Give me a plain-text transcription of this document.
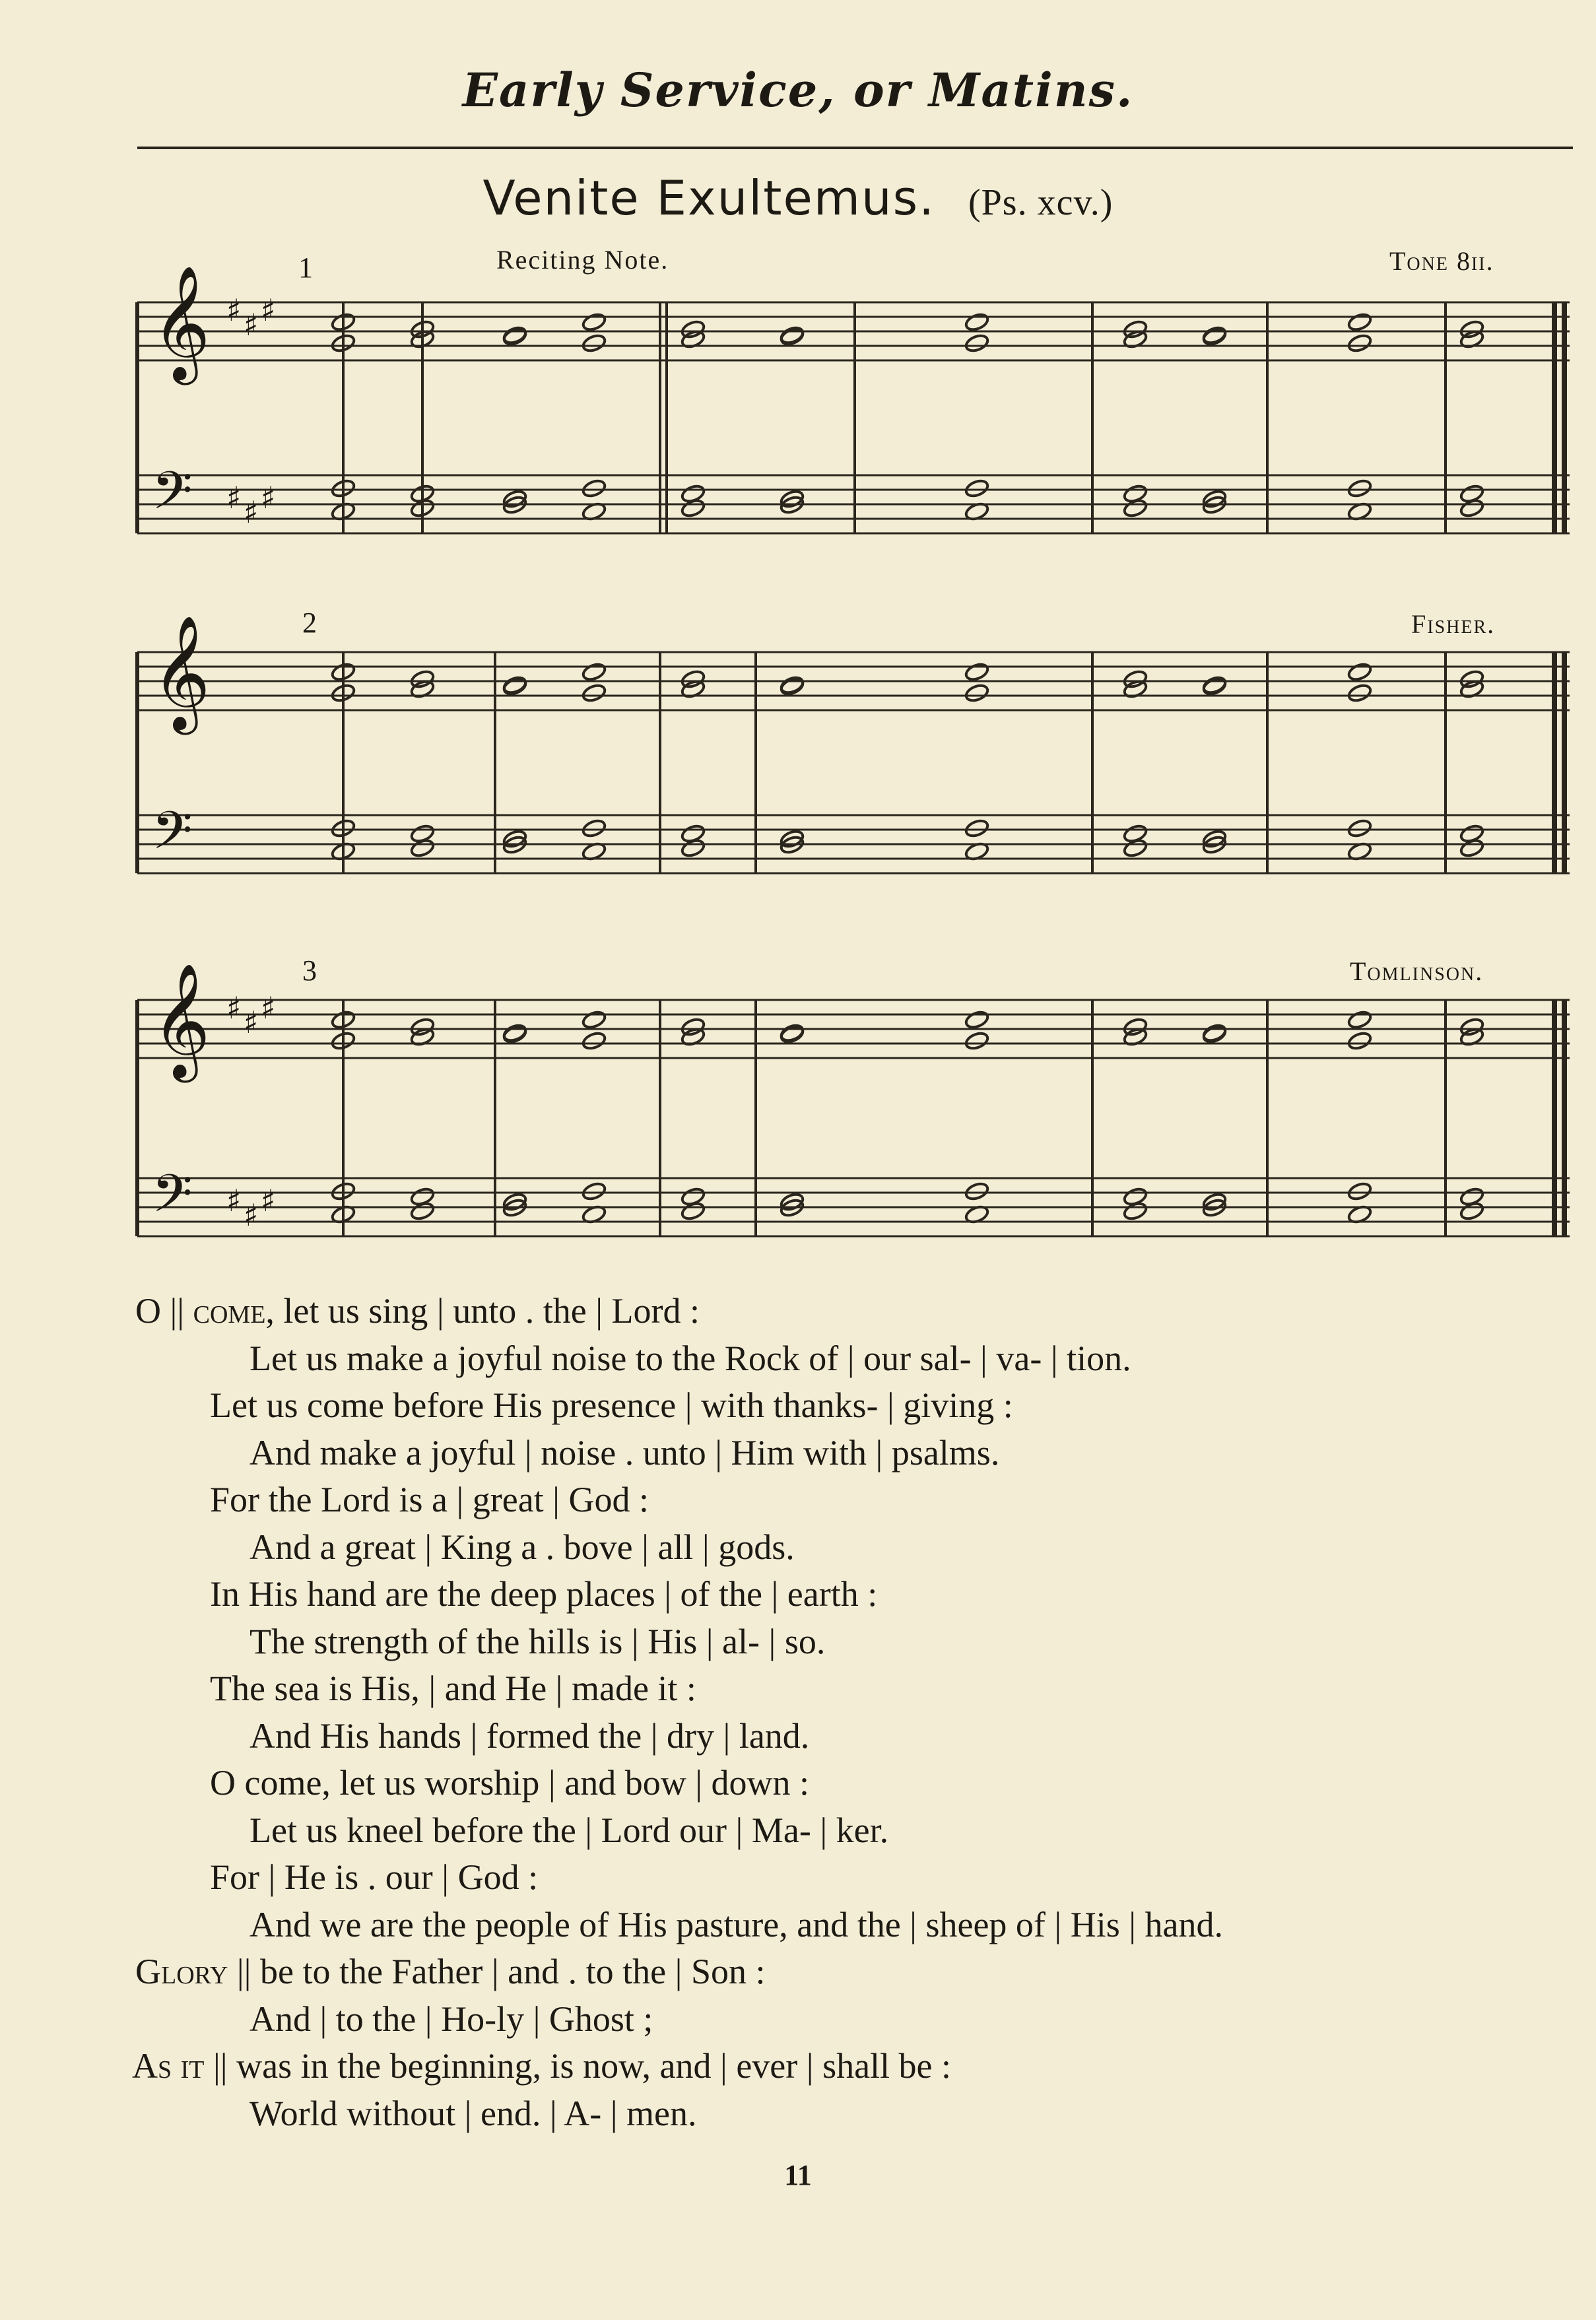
Early Service, or Matins.
Venite Exultemus. (Ps. xcv.)
1	Reciting Note.	Tone 8ii.
2	Fisher.
3	Tomlinson.
𝄞 ♯ ♯ ♯
𝄢 ♯ ♯ ♯
𝄞
𝄢
𝄞 ♯ ♯ ♯
𝄢 ♯ ♯ ♯
O || come, let us sing | unto . the | Lord :
Let us make a joyful noise to the Rock of | our sal- | va- | tion.
Let us come before His presence | with thanks- | giving :
And make a joyful | noise . unto | Him with | psalms.
For the Lord is a | great | God :
And a great | King a . bove | all | gods.
In His hand are the deep places | of the | earth :
The strength of the hills is | His | al- | so.
The sea is His, | and He | made it :
And His hands | formed the | dry | land.
O come, let us worship | and bow | down :
Let us kneel before the | Lord our | Ma- | ker.
For | He is . our | God :
And we are the people of His pasture, and the | sheep of | His | hand.
Glory || be to the Father | and . to the | Son :
And | to the | Ho-ly | Ghost ;
As it || was in the beginning, is now, and | ever | shall be :
World without | end. | A- | men.
11
